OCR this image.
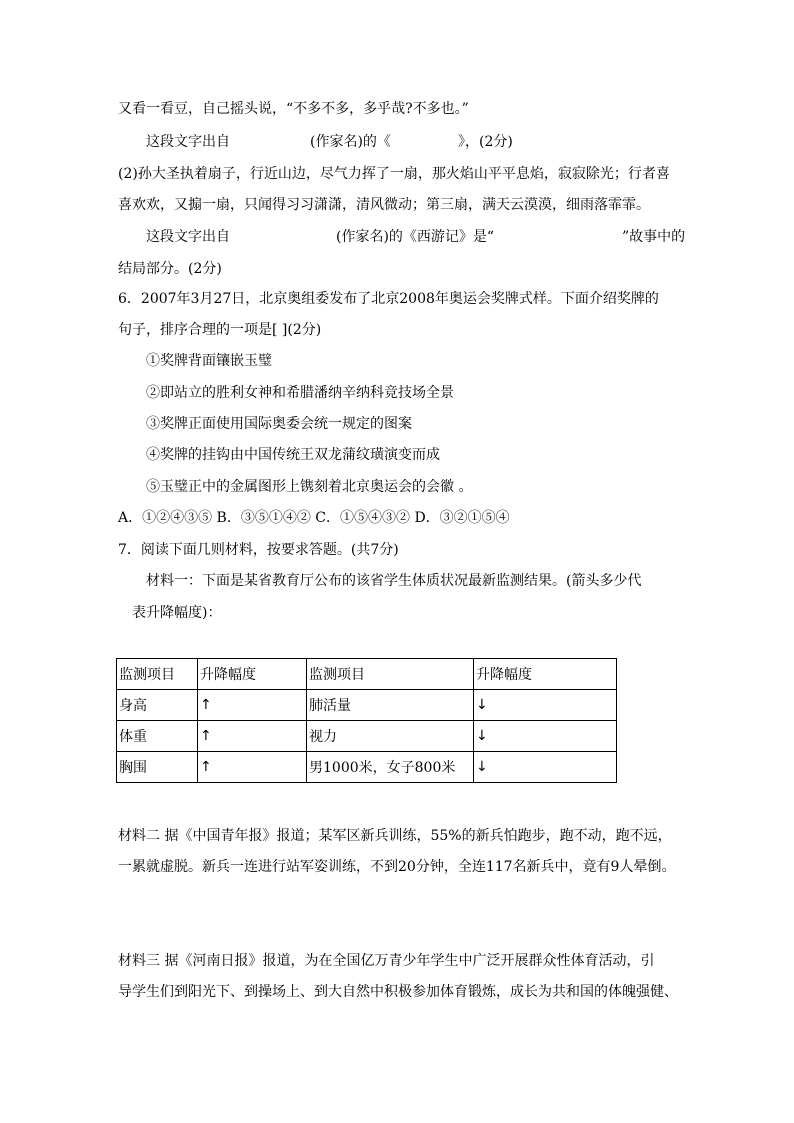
又看一看豆，自己摇头说，“不多不多，多乎哉?不多也。”
这段文字出自	(作家名)的《	》，(2分)
(2)孙大圣执着扇子，行近山边，尽气力挥了一扇，那火焰山平平息焰，寂寂除光；行者喜
喜欢欢，又搧一扇，只闻得习习潇潇，清风微动；第三扇，满天云漠漠，细雨落霏霏。
这段文字出自	(作家名)的《西游记》是“	”故事中的
结局部分。(2分)
6．2007年3月27日，北京奥组委发布了北京2008年奥运会奖牌式样。下面介绍奖牌的
句子，排序合理的一项是[ ](2分)
①奖牌背面镶嵌玉璧
②即站立的胜利女神和希腊潘纳辛纳科竞技场全景
③奖牌正面使用国际奥委会统一规定的图案
④奖牌的挂钩由中国传统王双龙蒲纹璜演变而成
⑤玉璧正中的金属图形上镌刻着北京奥运会的会徽 。
A．①②④③⑤ B．③⑤①④② C．①⑤④③② D．③②①⑤④
7．阅读下面几则材料，按要求答题。(共7分)
材料一：下面是某省教育厅公布的该省学生体质状况最新监测结果。(箭头多少代
表升降幅度)：
监测项目	升降幅度	监测项目	升降幅度
身高	↑	肺活量	↓
体重	↑	视力	↓
胸围	↑	男1000米，女子800米	↓
材料二 据《中国青年报》报道；某军区新兵训练，55%的新兵怕跑步，跑不动，跑不远，
一累就虚脱。新兵一连进行站军姿训练，不到20分钟，全连117名新兵中，竟有9人晕倒。
材料三 据《河南日报》报道，为在全国亿万青少年学生中广泛开展群众性体育活动，引
导学生们到阳光下、到操场上、到大自然中积极参加体育锻炼，成长为共和国的体魄强健、
